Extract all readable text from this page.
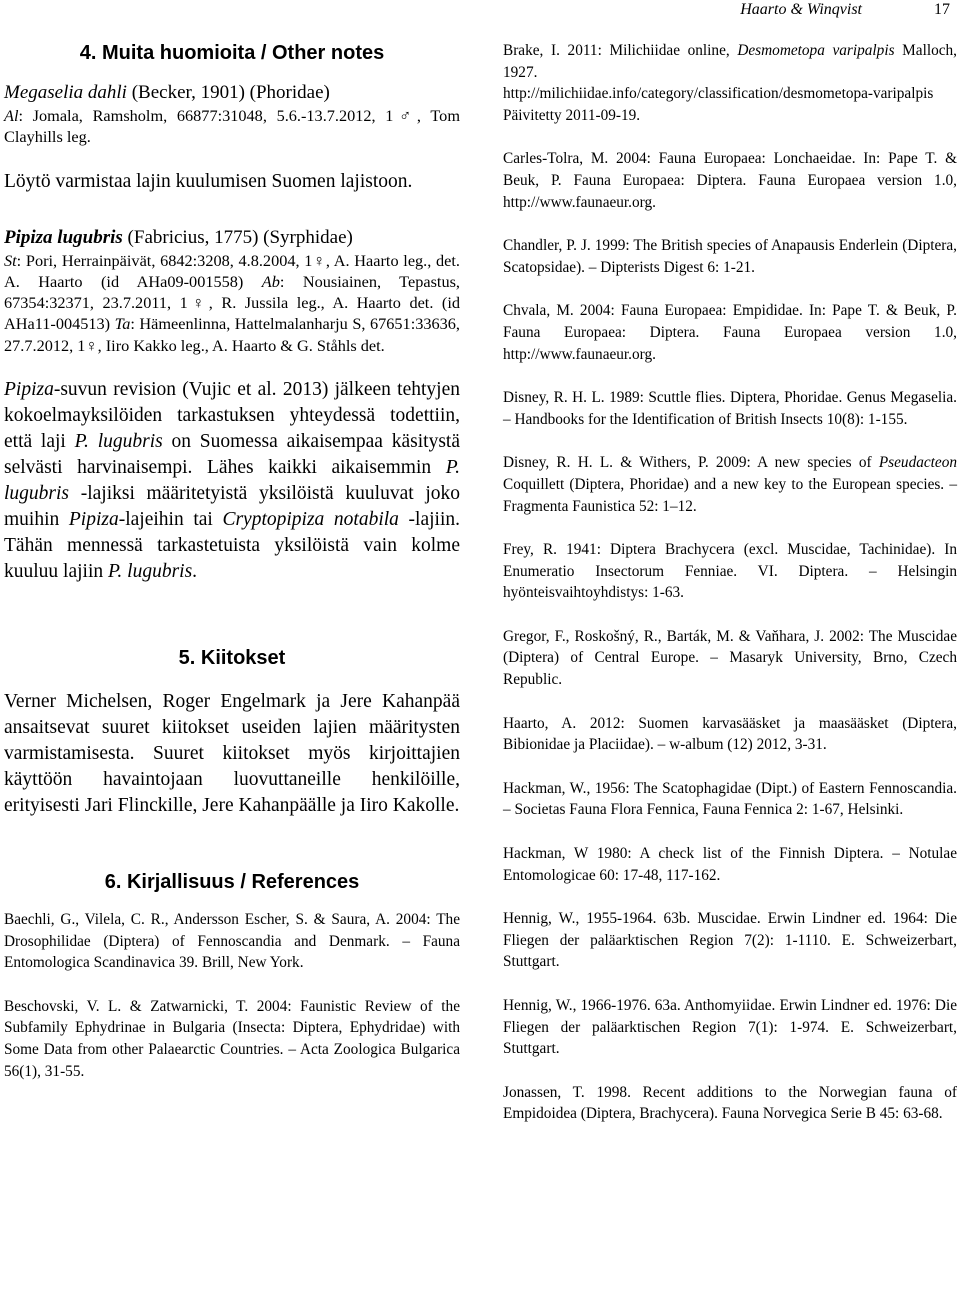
Haarto & Winqvist	17
4. Muita huomioita / Other notes

Megaselia dahli (Becker, 1901) (Phoridae)

Al: Jomala, Ramsholm, 66877:31048, 5.6.-13.7.2012, 1♂, Tom Clayhills leg.

Löytö varmistaa lajin kuulumisen Suomen lajistoon.

Pipiza lugubris (Fabricius, 1775) (Syrphidae)

St: Pori, Herrainpäivät, 6842:3208, 4.8.2004, 1♀, A. Haarto leg., det. A. Haarto (id AHa09-001558) Ab: Nousiainen, Tepastus, 67354:32371, 23.7.2011, 1♀, R. Jussila leg., A. Haarto det. (id AHa11-004513) Ta: Hämeenlinna, Hattelmalanharju S, 67651:33636, 27.7.2012, 1♀, Iiro Kakko leg., A. Haarto & G. Ståhls det.

Pipiza-suvun revision (Vujic et al. 2013) jälkeen tehtyjen kokoelmayksilöiden tarkastuksen yhteydessä todettiin, että laji P. lugubris on Suomessa aikaisempaa käsitystä selvästi harvinaisempi. Lähes kaikki aikaisemmin P. lugubris -lajiksi määritetyistä yksilöistä kuuluvat joko muihin Pipiza-lajeihin tai Cryptopipiza notabila -lajiin. Tähän mennessä tarkastetuista yksilöistä vain kolme kuuluu lajiin P. lugubris.

5. Kiitokset

Verner Michelsen, Roger Engelmark ja Jere Kahanpää ansaitsevat suuret kiitokset useiden lajien määritysten varmistamisesta. Suuret kiitokset myös kirjoittajien käyttöön havaintojaan luovuttaneille henkilöille, erityisesti Jari Flinckille, Jere Kahanpäälle ja Iiro Kakolle.

6. Kirjallisuus / References

Baechli, G., Vilela, C. R., Andersson Escher, S. & Saura, A. 2004: The Drosophilidae (Diptera) of Fennoscandia and Denmark. – Fauna Entomologica Scandinavica 39. Brill, New York.

Beschovski, V. L. & Zatwarnicki, T. 2004: Faunistic Review of the Subfamily Ephydrinae in Bulgaria (Insecta: Diptera, Ephydridae) with Some Data from other Palaearctic Countries. – Acta Zoologica Bulgarica 56(1), 31-55.

Brake, I. 2011: Milichiidae online, Desmometopa varipalpis Malloch, 1927.
http://milichiidae.info/category/classification/desmometopa-varipalpis
Päivitetty 2011-09-19.

Carles-Tolra, M. 2004: Fauna Europaea: Lonchaeidae. In: Pape T. & Beuk, P. Fauna Europaea: Diptera. Fauna Europaea version 1.0, http://www.faunaeur.org.

Chandler, P. J. 1999: The British species of Anapausis Enderlein (Diptera, Scatopsidae). – Dipterists Digest 6: 1-21.

Chvala, M. 2004: Fauna Europaea: Empididae. In: Pape T. & Beuk, P. Fauna Europaea: Diptera. Fauna Europaea version 1.0, http://www.faunaeur.org.

Disney, R. H. L. 1989: Scuttle flies. Diptera, Phoridae. Genus Megaselia. – Handbooks for the Identification of British Insects 10(8): 1-155.

Disney, R. H. L. & Withers, P. 2009: A new species of Pseudacteon Coquillett (Diptera, Phoridae) and a new key to the European species. – Fragmenta Faunistica 52: 1–12.

Frey, R. 1941: Diptera Brachycera (excl. Muscidae, Tachinidae). In Enumeratio Insectorum Fenniae. VI. Diptera. – Helsingin hyönteisvaihtoyhdistys: 1-63.

Gregor, F., Roskošný, R., Barták, M. & Vaňhara, J. 2002: The Muscidae (Diptera) of Central Europe. – Masaryk University, Brno, Czech Republic.

Haarto, A. 2012: Suomen karvasääsket ja maasääsket (Diptera, Bibionidae ja Placiidae). – w-album (12) 2012, 3-31.

Hackman, W., 1956: The Scatophagidae (Dipt.) of Eastern Fennoscandia. – Societas Fauna Flora Fennica, Fauna Fennica 2: 1-67, Helsinki.

Hackman, W 1980: A check list of the Finnish Diptera. – Notulae Entomologicae 60: 17-48, 117-162.

Hennig, W., 1955-1964. 63b. Muscidae. Erwin Lindner ed. 1964: Die Fliegen der paläarktischen Region 7(2): 1-1110. E. Schweizerbart, Stuttgart.

Hennig, W., 1966-1976. 63a. Anthomyiidae. Erwin Lindner ed. 1976: Die Fliegen der paläarktischen Region 7(1): 1-974. E. Schweizerbart, Stuttgart.

Jonassen, T. 1998. Recent additions to the Norwegian fauna of Empidoidea (Diptera, Brachycera). Fauna Norvegica Serie B 45: 63-68.
